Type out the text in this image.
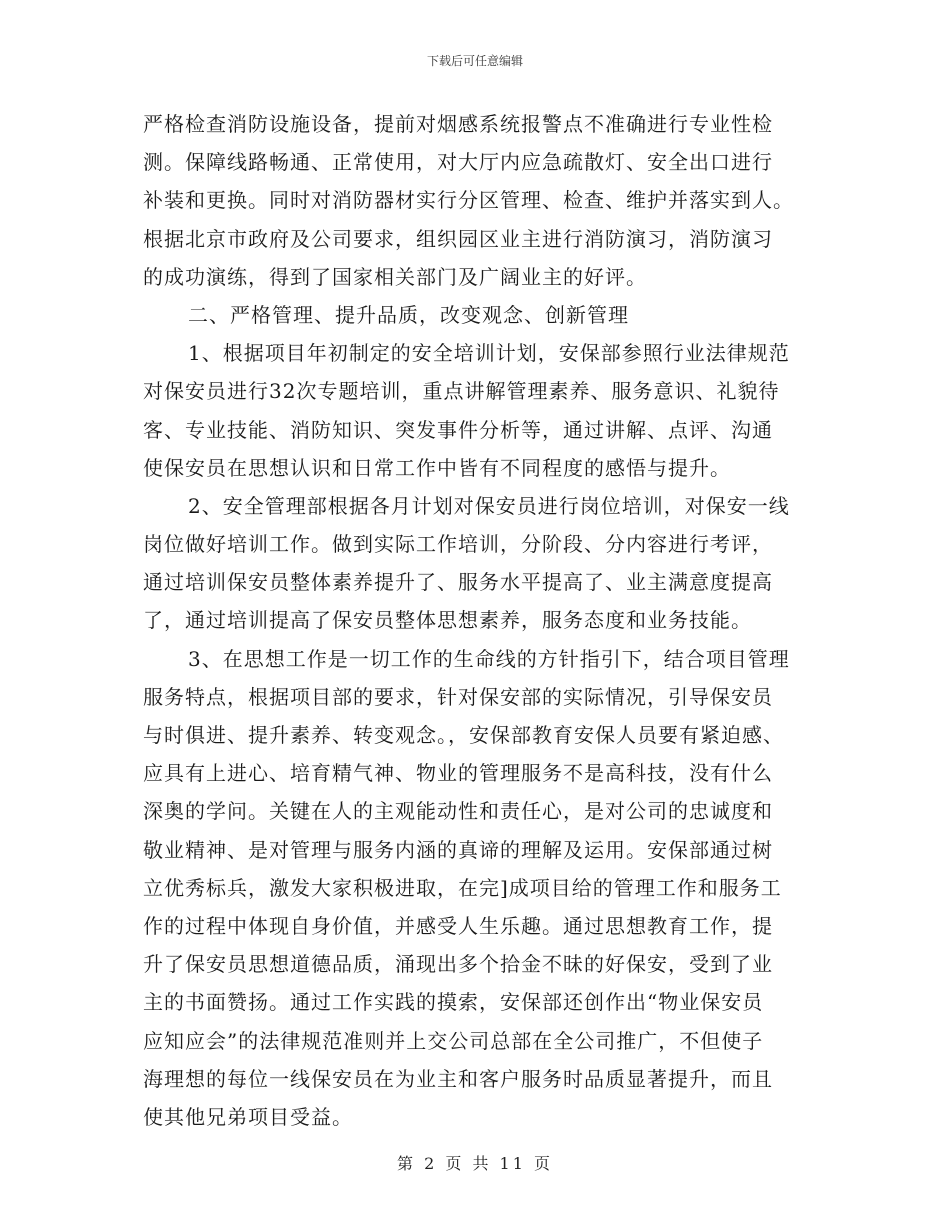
下载后可任意编辑
严格检查消防设施设备，提前对烟感系统报警点不准确进行专业性检
测。保障线路畅通、正常使用，对大厅内应急疏散灯、安全出口进行
补装和更换。同时对消防器材实行分区管理、检查、维护并落实到人。
根据北京市政府及公司要求，组织园区业主进行消防演习，消防演习
的成功演练，得到了国家相关部门及广阔业主的好评。
二、严格管理、提升品质，改变观念、创新管理
1、根据项目年初制定的安全培训计划，安保部参照行业法律规范
对保安员进行32次专题培训，重点讲解管理素养、服务意识、礼貌待
客、专业技能、消防知识、突发事件分析等，通过讲解、点评、沟通
使保安员在思想认识和日常工作中皆有不同程度的感悟与提升。
2、安全管理部根据各月计划对保安员进行岗位培训，对保安一线
岗位做好培训工作。做到实际工作培训，分阶段、分内容进行考评，
通过培训保安员整体素养提升了、服务水平提高了、业主满意度提高
了，通过培训提高了保安员整体思想素养，服务态度和业务技能。
3、在思想工作是一切工作的生命线的方针指引下，结合项目管理
服务特点，根据项目部的要求，针对保安部的实际情况，引导保安员
与时俱进、提升素养、转变观念。，安保部教育安保人员要有紧迫感、
应具有上进心、培育精气神、物业的管理服务不是高科技，没有什么
深奥的学问。关键在人的主观能动性和责任心，是对公司的忠诚度和
敬业精神、是对管理与服务内涵的真谛的理解及运用。安保部通过树
立优秀标兵，激发大家积极进取，在完]成项目给的管理工作和服务工
作的过程中体现自身价值，并感受人生乐趣。通过思想教育工作，提
升了保安员思想道德品质，涌现出多个拾金不昧的好保安，受到了业
主的书面赞扬。通过工作实践的摸索，安保部还创作出“物业保安员
应知应会”的法律规范准则并上交公司总部在全公司推广，不但使子
海理想的每位一线保安员在为业主和客户服务时品质显著提升，而且
使其他兄弟项目受益。
第 2 页 共 11 页
